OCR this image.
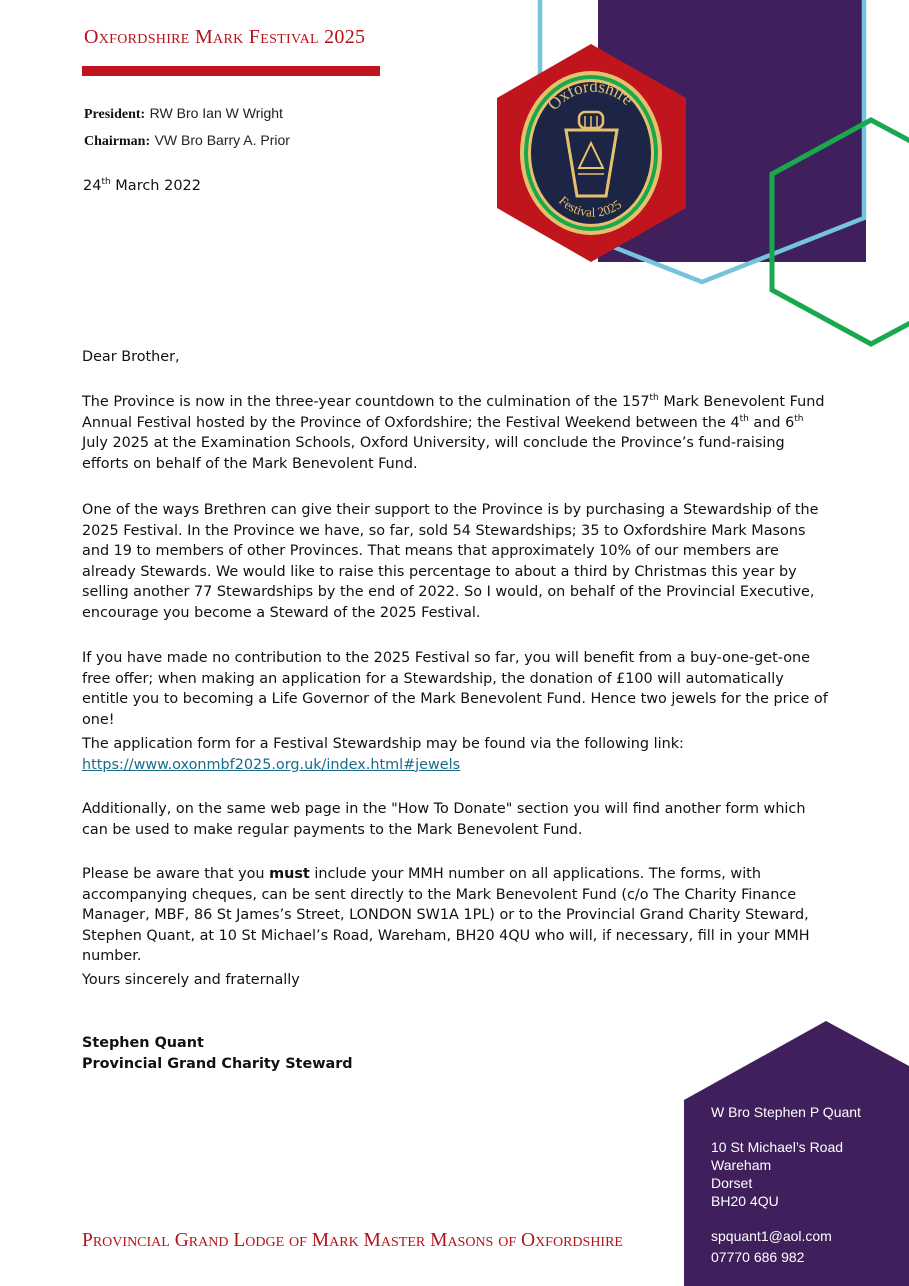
Oxfordshire
Festival 2025
Oxfordshire Mark Festival 2025
President: RW Bro Ian W Wright
Chairman: VW Bro Barry A. Prior
24th March 2022

Dear Brother,

The Province is now in the three-year countdown to the culmination of the 157th Mark Benevolent Fund Annual Festival hosted by the Province of Oxfordshire; the Festival Weekend between the 4th and 6th July 2025 at the Examination Schools, Oxford University, will conclude the Province’s fund-raising efforts on behalf of the Mark Benevolent Fund.

One of the ways Brethren can give their support to the Province is by purchasing a Stewardship of the 2025 Festival. In the Province we have, so far, sold 54 Stewardships; 35 to Oxfordshire Mark Masons and 19 to members of other Provinces. That means that approximately 10% of our members are already Stewards. We would like to raise this percentage to about a third by Christmas this year by selling another 77 Stewardships by the end of 2022. So I would, on behalf of the Provincial Executive, encourage you become a Steward of the 2025 Festival.

If you have made no contribution to the 2025 Festival so far, you will benefit from a buy-one-get-one free offer; when making an application for a Stewardship, the donation of £100 will automatically entitle you to becoming a Life Governor of the Mark Benevolent Fund. Hence two jewels for the price of one!

The application form for a Festival Stewardship may be found via the following link:

https://www.oxonmbf2025.org.uk/index.html#jewels

Additionally, on the same web page in the "How To Donate" section you will find another form which can be used to make regular payments to the Mark Benevolent Fund.

Please be aware that you must include your MMH number on all applications. The forms, with accompanying cheques, can be sent directly to the Mark Benevolent Fund (c/o The Charity Finance Manager, MBF, 86 St James’s Street, LONDON SW1A 1PL) or to the Provincial Grand Charity Steward, Stephen Quant, at 10 St Michael’s Road, Wareham, BH20 4QU who will, if necessary, fill in your MMH number.

Yours sincerely and fraternally

Stephen Quant
Provincial Grand Charity Steward
W Bro Stephen P Quant
10 St Michael’s Road
Wareham
Dorset
BH20 4QU
spquant1@aol.com
07770 686 982
Provincial Grand Lodge of Mark Master Masons of Oxfordshire
